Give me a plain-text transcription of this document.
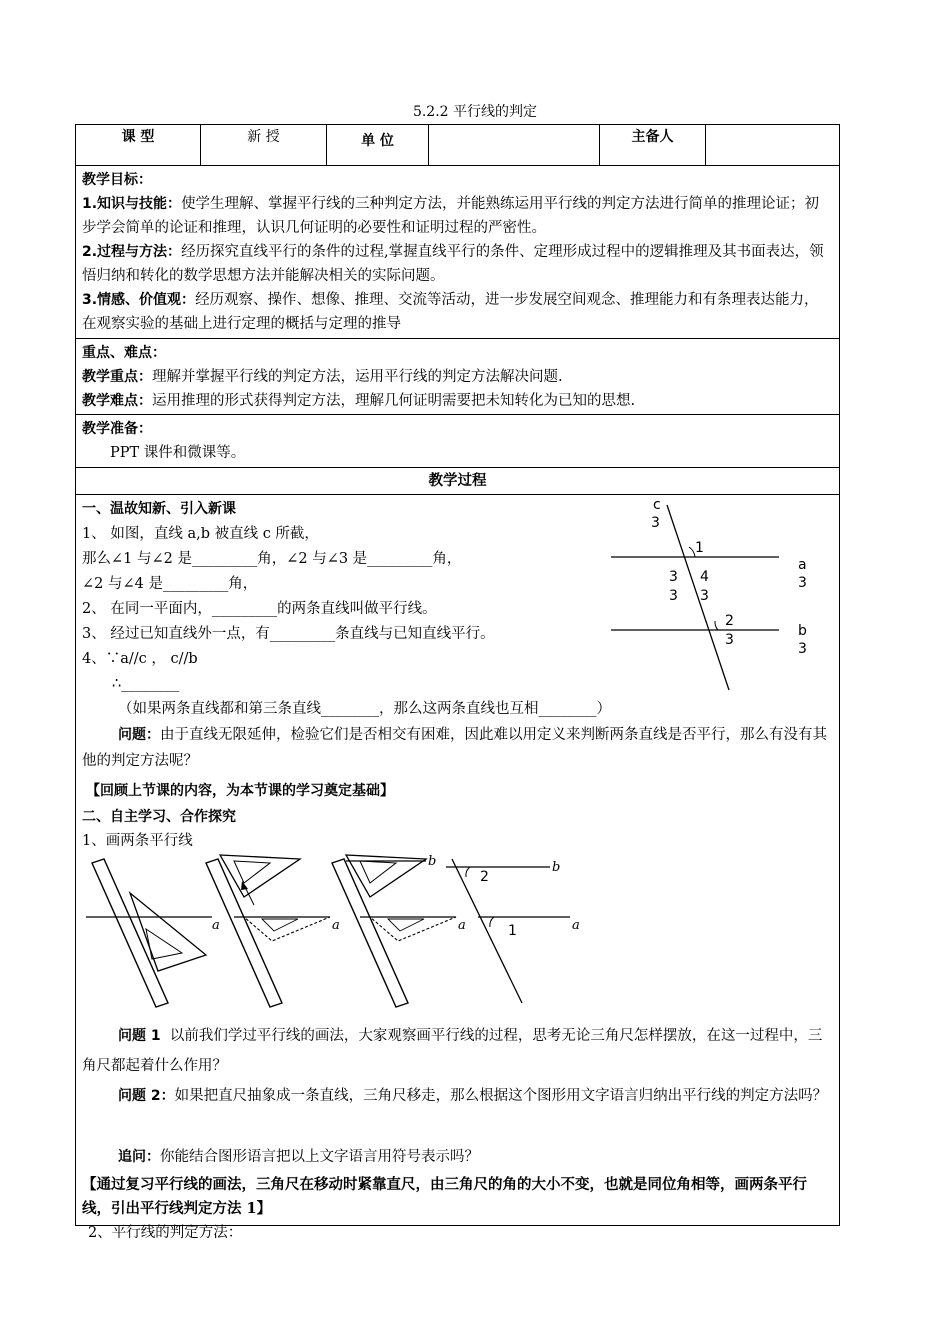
5.2.2 平行线的判定
课 型	新 授	单 位		主备人	

教学目标：

1.知识与技能：使学生理解、掌握平行线的三种判定方法，并能熟练运用平行线的判定方法进行简单的推理论证；初步学会简单的论证和推理，认识几何证明的必要性和证明过程的严密性。

2.过程与方法：经历探究直线平行的条件的过程,掌握直线平行的条件、定理形成过程中的逻辑推理及其书面表达，领悟归纳和转化的数学思想方法并能解决相关的实际问题。

3.情感、价值观：经历观察、操作、想像、推理、交流等活动，进一步发展空间观念、推理能力和有条理表达能力，在观察实验的基础上进行定理的概括与定理的推导

重点、难点：

教学重点：理解并掌握平行线的判定方法，运用平行线的判定方法解决问题.

教学难点：运用推理的形式获得判定方法，理解几何证明需要把未知转化为已知的思想.

教学准备：

PPT 课件和微课等。

教学过程

一、温故知新、引入新课
1、 如图，直线 a,b 被直线 c 所截，
那么∠1 与∠2 是_________角，∠2 与∠3 是_________角，
∠2 与∠4 是_________角，
2、 在同一平面内，_________的两条直线叫做平行线。
3、 经过已知直线外一点，有_________条直线与已知直线平行。
4、∵a//c ， c//b
∴________
（如果两条直线都和第三条直线________，那么这两条直线也互相________）
问题：由于直线无限延伸，检验它们是否相交有困难，因此难以用定义来判断两条直线是否平行，那么有没有其他的判定方法呢？
【回顾上节课的内容，为本节课的学习奠定基础】
二、自主学习、合作探究
1、画两条平行线
c
3
1
a
3
3
3
4
3
2
3
b
3
a	a
b
a
2
1
b
a
问题 1 以前我们学过平行线的画法，大家观察画平行线的过程，思考无论三角尺怎样摆放，在这一过程中，三角尺都起着什么作用？
问题 2：如果把直尺抽象成一条直线，三角尺移走，那么根据这个图形用文字语言归纳出平行线的判定方法吗？
追问：你能结合图形语言把以上文字语言用符号表示吗？
【通过复习平行线的画法，三角尺在移动时紧靠直尺，由三角尺的角的大小不变，也就是同位角相等，画两条平行线，引出平行线判定方法 1】
2、平行线的判定方法：
